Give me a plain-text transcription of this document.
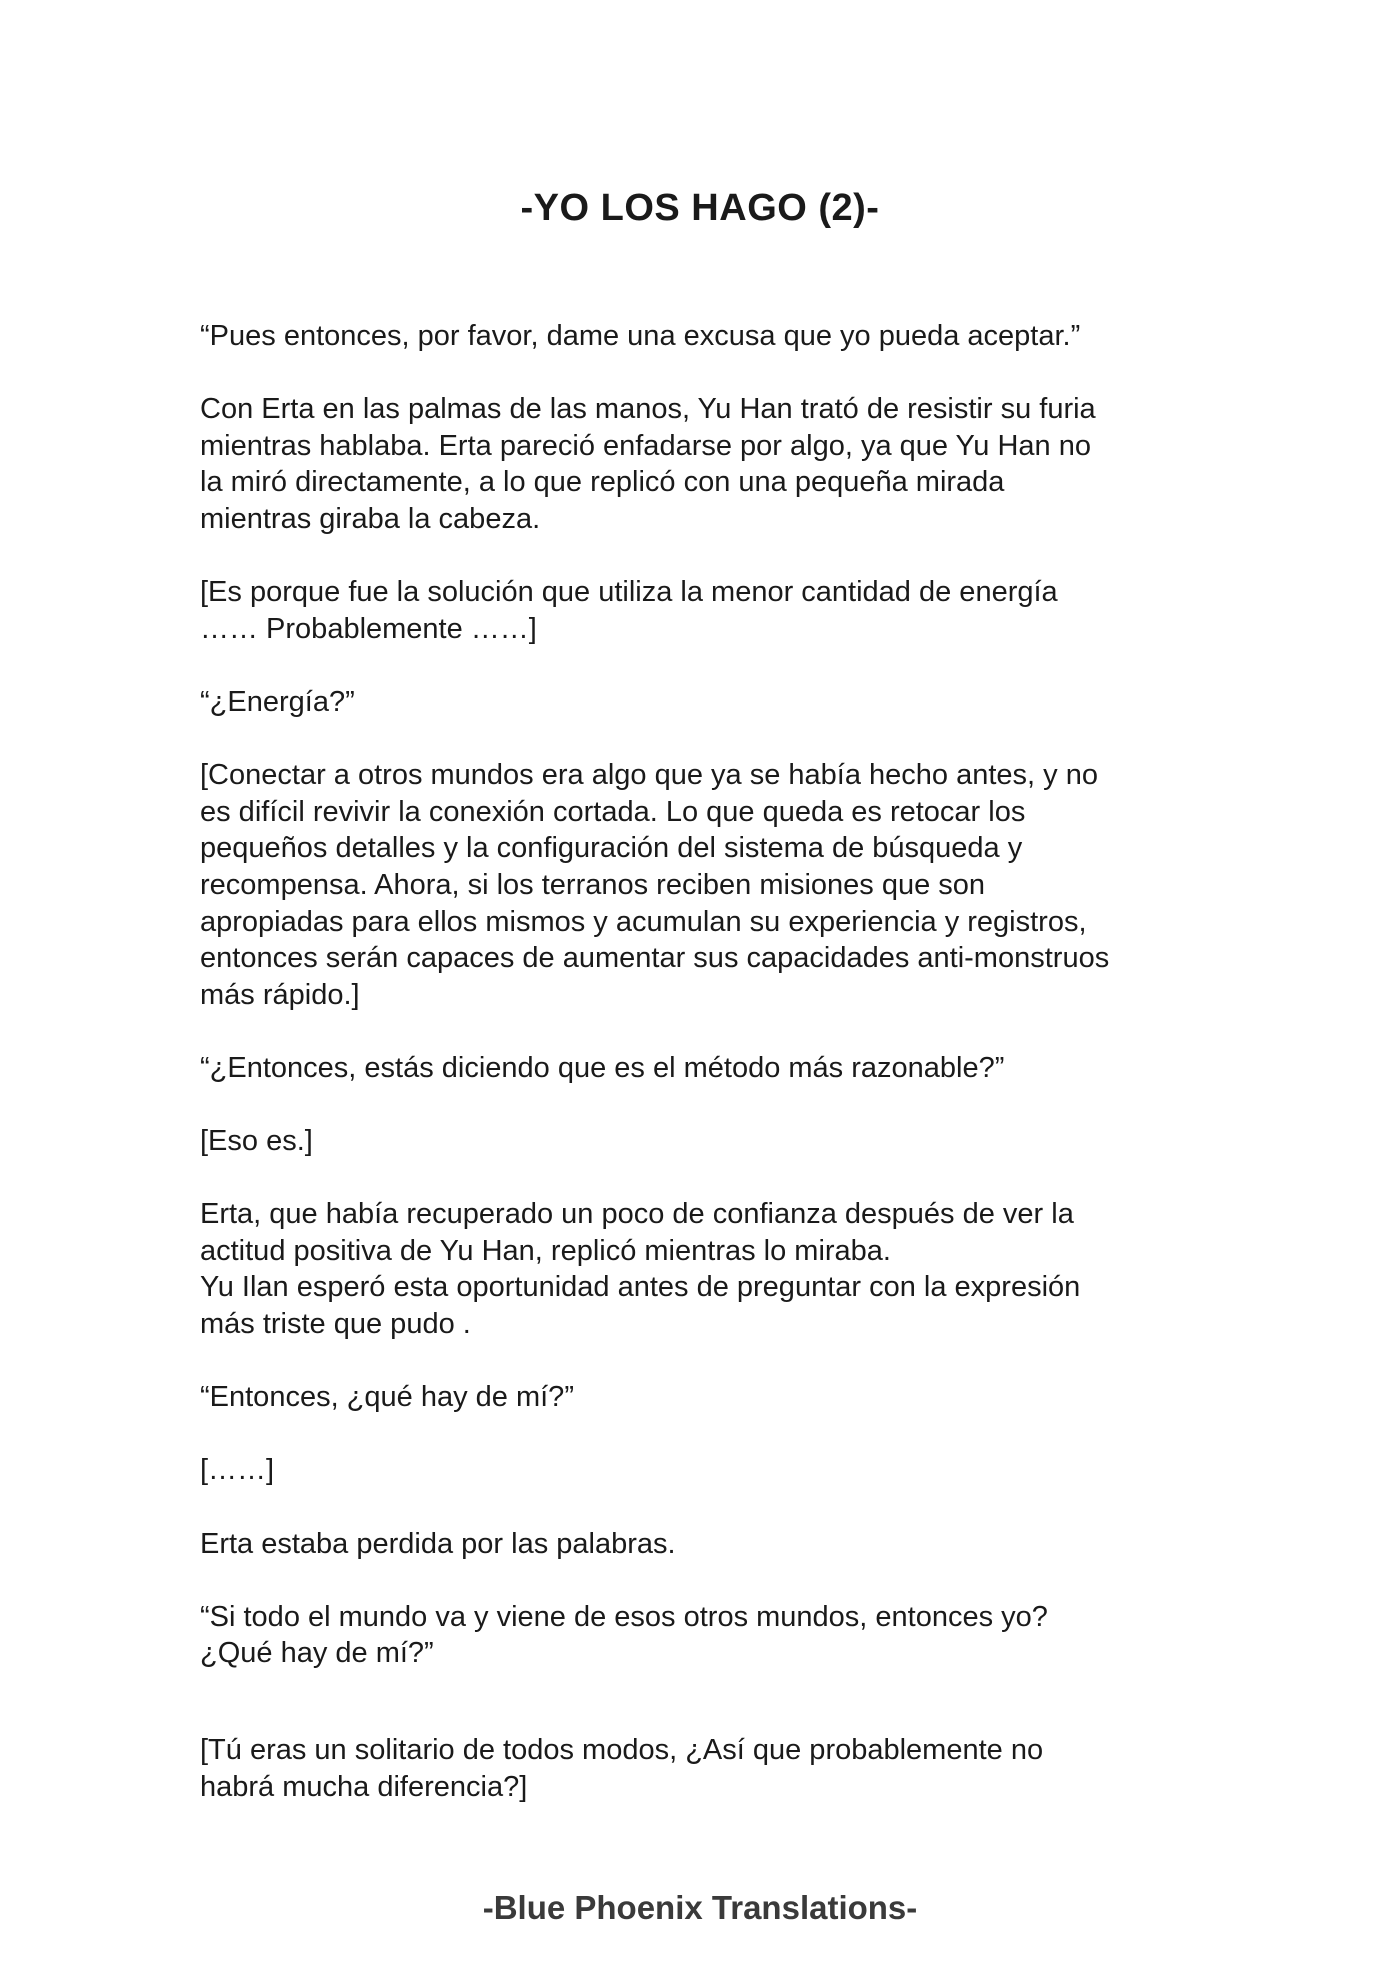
-YO LOS HAGO (2)-

“Pues entonces, por favor, dame una excusa que yo pueda aceptar.”

Con Erta en las palmas de las manos, Yu Han trató de resistir su furia
mientras hablaba. Erta pareció enfadarse por algo, ya que Yu Han no
la miró directamente, a lo que replicó con una pequeña mirada
mientras giraba la cabeza.

[Es porque fue la solución que utiliza la menor cantidad de energía
…… Probablemente ……]

“¿Energía?”

[Conectar a otros mundos era algo que ya se había hecho antes, y no
es difícil revivir la conexión cortada. Lo que queda es retocar los
pequeños detalles y la configuración del sistema de búsqueda y
recompensa. Ahora, si los terranos reciben misiones que son
apropiadas para ellos mismos y acumulan su experiencia y registros,
entonces serán capaces de aumentar sus capacidades anti-monstruos
más rápido.]

“¿Entonces, estás diciendo que es el método más razonable?”

[Eso es.]

Erta, que había recuperado un poco de confianza después de ver la
actitud positiva de Yu Han, replicó mientras lo miraba.
Yu Ilan esperó esta oportunidad antes de preguntar con la expresión
más triste que pudo .

“Entonces, ¿qué hay de mí?”

[……]

Erta estaba perdida por las palabras.

“Si todo el mundo va y viene de esos otros mundos, entonces yo?
¿Qué hay de mí?”

[Tú eras un solitario de todos modos, ¿Así que probablemente no
habrá mucha diferencia?]

-Blue Phoenix Translations-
